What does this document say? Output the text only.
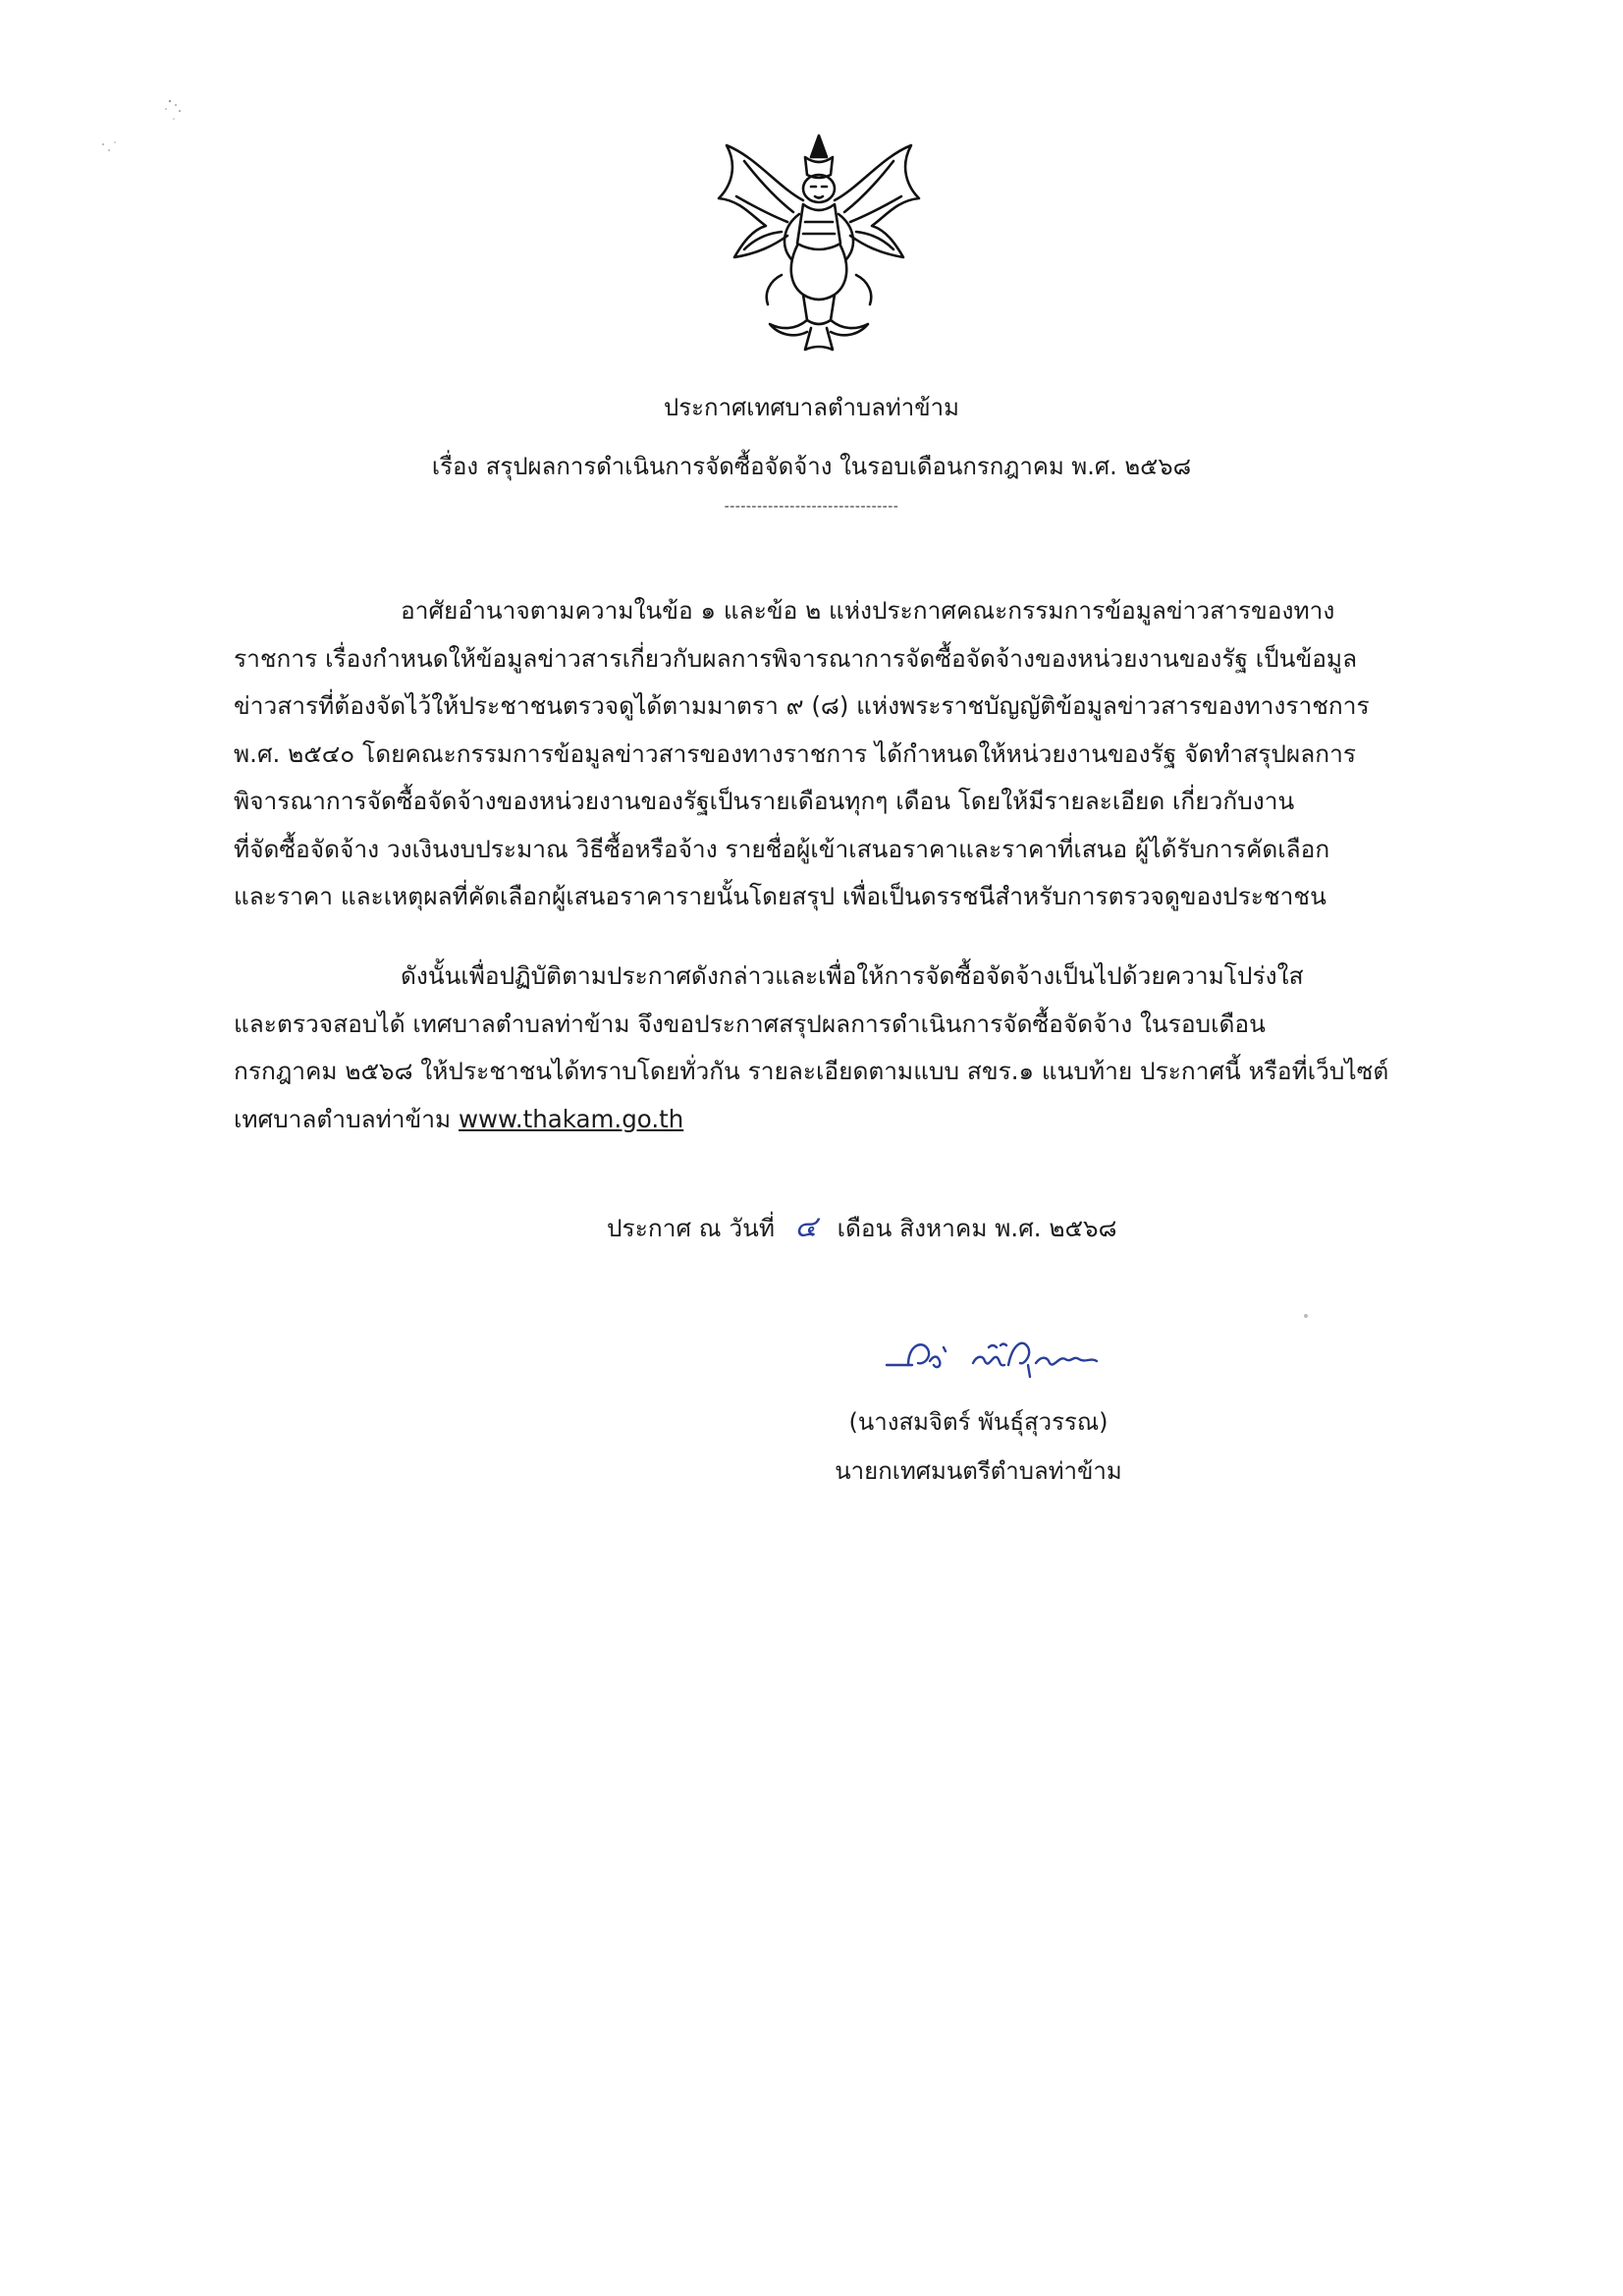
ประกาศเทศบาลตำบลท่าข้าม
เรื่อง สรุปผลการดำเนินการจัดซื้อจัดจ้าง ในรอบเดือนกรกฎาคม พ.ศ. ๒๕๖๘
--------------------------------
อาศัยอำนาจตามความในข้อ ๑ และข้อ ๒ แห่งประกาศคณะกรรมการข้อมูลข่าวสารของทาง
ราชการ เรื่องกำหนดให้ข้อมูลข่าวสารเกี่ยวกับผลการพิจารณาการจัดซื้อจัดจ้างของหน่วยงานของรัฐ เป็นข้อมูล
ข่าวสารที่ต้องจัดไว้ให้ประชาชนตรวจดูได้ตามมาตรา ๙ (๘) แห่งพระราชบัญญัติข้อมูลข่าวสารของทางราชการ
พ.ศ. ๒๕๔๐ โดยคณะกรรมการข้อมูลข่าวสารของทางราชการ ได้กำหนดให้หน่วยงานของรัฐ จัดทำสรุปผลการ
พิจารณาการจัดซื้อจัดจ้างของหน่วยงานของรัฐเป็นรายเดือนทุกๆ เดือน โดยให้มีรายละเอียด เกี่ยวกับงาน
ที่จัดซื้อจัดจ้าง วงเงินงบประมาณ วิธีซื้อหรือจ้าง รายชื่อผู้เข้าเสนอราคาและราคาที่เสนอ ผู้ได้รับการคัดเลือก
และราคา และเหตุผลที่คัดเลือกผู้เสนอราคารายนั้นโดยสรุป เพื่อเป็นดรรชนีสำหรับการตรวจดูของประชาชน
ดังนั้นเพื่อปฏิบัติตามประกาศดังกล่าวและเพื่อให้การจัดซื้อจัดจ้างเป็นไปด้วยความโปร่งใส
และตรวจสอบได้ เทศบาลตำบลท่าข้าม จึงขอประกาศสรุปผลการดำเนินการจัดซื้อจัดจ้าง ในรอบเดือน
กรกฎาคม ๒๕๖๘ ให้ประชาชนได้ทราบโดยทั่วกัน รายละเอียดตามแบบ สขร.๑ แนบท้าย ประกาศนี้ หรือที่เว็บไซต์
เทศบาลตำบลท่าข้าม www.thakam.go.th
ประกาศ ณ วันที่ ๔ เดือน สิงหาคม พ.ศ. ๒๕๖๘
(นางสมจิตร์ พันธุ์สุวรรณ)
นายกเทศมนตรีตำบลท่าข้าม
